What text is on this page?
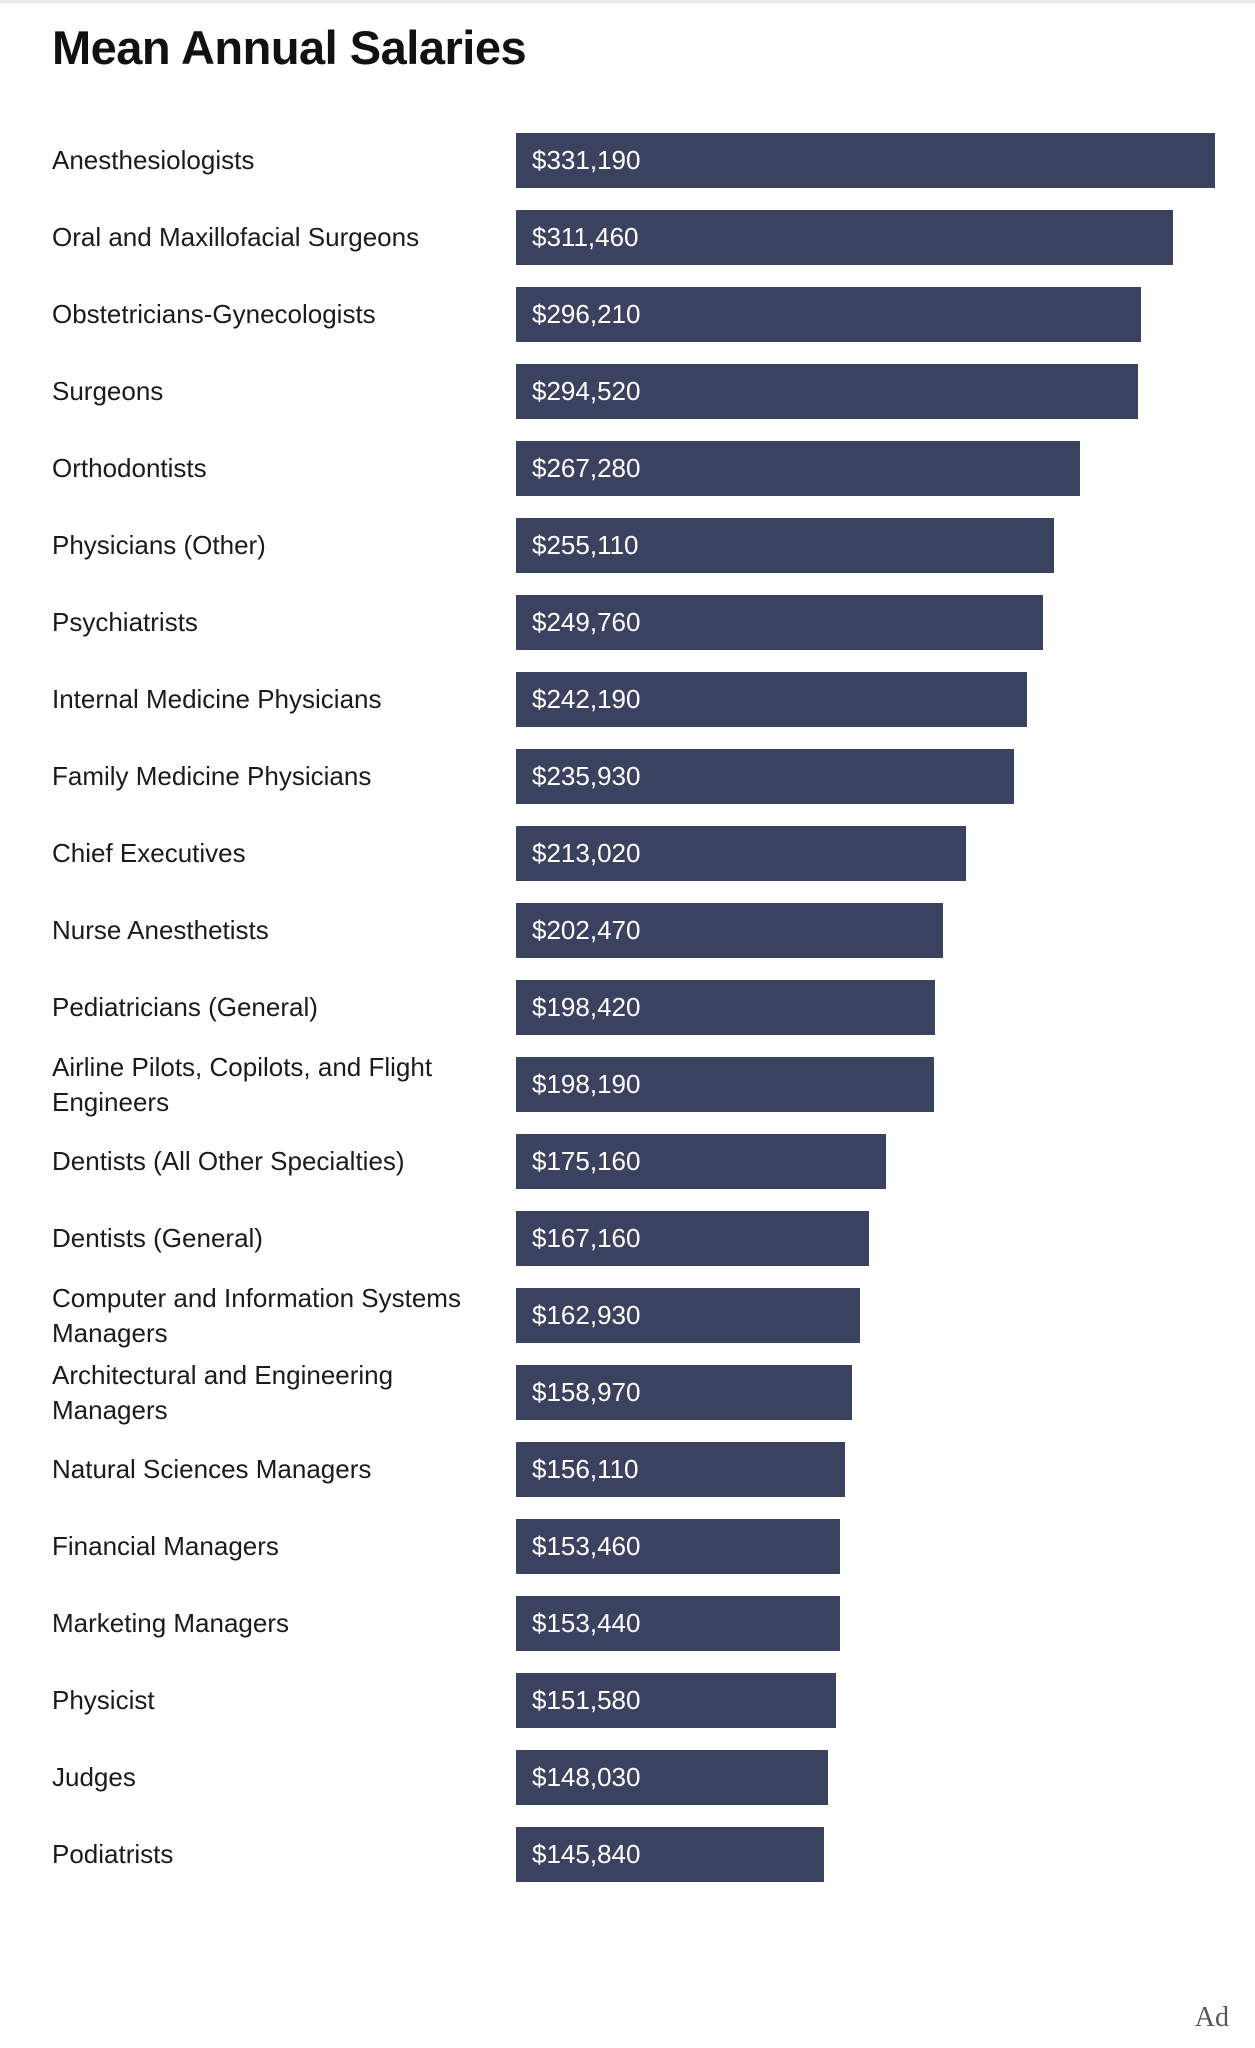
Mean Annual Salaries
Anesthesiologists	$331,190
Oral and Maxillofacial Surgeons	$311,460
Obstetricians-Gynecologists	$296,210
Surgeons	$294,520
Orthodontists	$267,280
Physicians (Other)	$255,110
Psychiatrists	$249,760
Internal Medicine Physicians	$242,190
Family Medicine Physicians	$235,930
Chief Executives	$213,020
Nurse Anesthetists	$202,470
Pediatricians (General)	$198,420
Airline Pilots, Copilots, and Flight Engineers
$198,190
Dentists (All Other Specialties)	$175,160
Dentists (General)	$167,160
Computer and Information Systems Managers
$162,930
Architectural and Engineering Managers
$158,970
Natural Sciences Managers	$156,110
Financial Managers	$153,460
Marketing Managers	$153,440
Physicist	$151,580
Judges	$148,030
Podiatrists	$145,840
Ad
